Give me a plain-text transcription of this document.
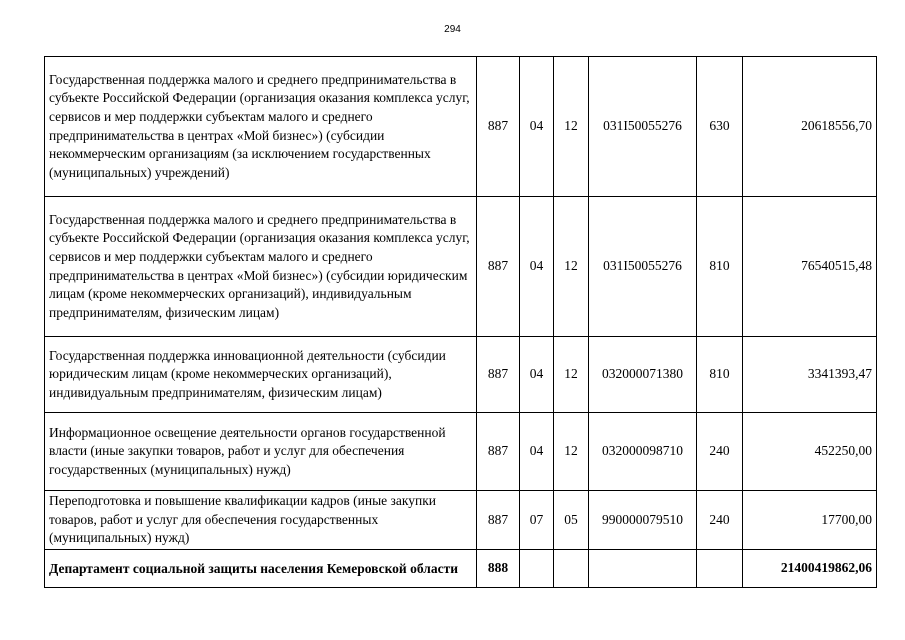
294
Государственная поддержка малого и среднего предпринимательства в субъекте Российской Федерации (организация оказания комплекса услуг, сервисов и мер поддержки субъектам малого и среднего предпринимательства в центрах «Мой бизнес») (субсидии некоммерческим организациям (за исключением государственных (муниципальных) учреждений)	887	04	12	031I50055276	630	20618556,70
Государственная поддержка малого и среднего предпринимательства в субъекте Российской Федерации (организация оказания комплекса услуг, сервисов и мер поддержки субъектам малого и среднего предпринимательства в центрах «Мой бизнес») (субсидии юридическим лицам (кроме некоммерческих организаций), индивидуальным предпринимателям, физическим лицам)	887	04	12	031I50055276	810	76540515,48
Государственная поддержка инновационной деятельности (субсидии юридическим лицам (кроме некоммерческих организаций), индивидуальным предпринимателям, физическим лицам)	887	04	12	032000071380	810	3341393,47
Информационное освещение деятельности органов государственной власти (иные закупки товаров, работ и услуг для обеспечения государственных (муниципальных) нужд)	887	04	12	032000098710	240	452250,00
Переподготовка и повышение квалификации кадров (иные закупки товаров, работ и услуг для обеспечения государственных (муниципальных) нужд)	887	07	05	990000079510	240	17700,00
Департамент социальной защиты населения Кемеровской области	888					21400419862,06
